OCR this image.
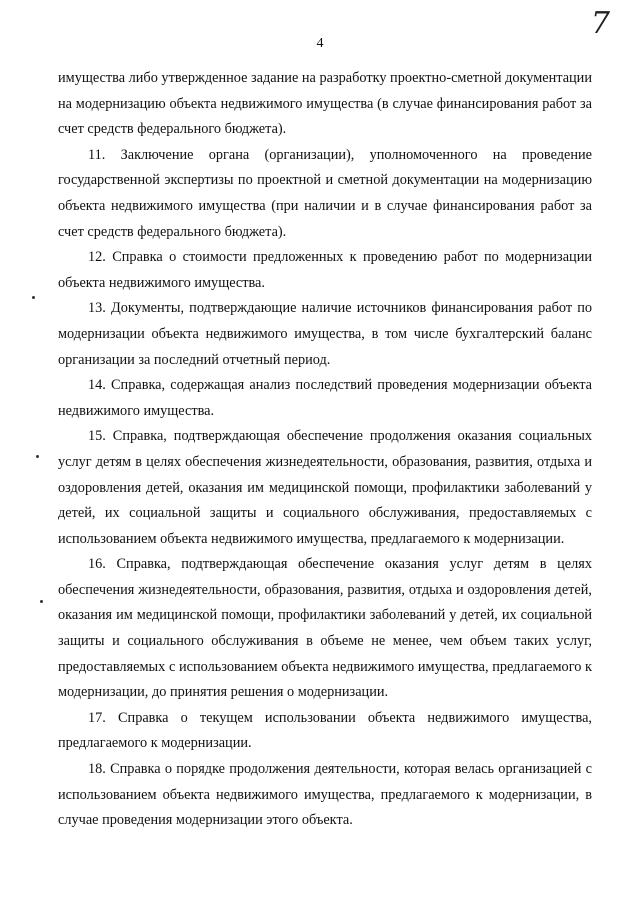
7
4

имущества либо утвержденное задание на разработку проектно-сметной документации на модернизацию объекта недвижимого имущества (в случае финансирования работ за счет средств федерального бюджета).

11. Заключение органа (организации), уполномоченного на проведение государственной экспертизы по проектной и сметной документации на модернизацию объекта недвижимого имущества (при наличии и в случае финансирования работ за счет средств федерального бюджета).

12. Справка о стоимости предложенных к проведению работ по модернизации объекта недвижимого имущества.

13. Документы, подтверждающие наличие источников финансирования работ по модернизации объекта недвижимого имущества, в том числе бухгалтерский баланс организации за последний отчетный период.

14. Справка, содержащая анализ последствий проведения модернизации объекта недвижимого имущества.

15. Справка, подтверждающая обеспечение продолжения оказания социальных услуг детям в целях обеспечения жизнедеятельности, образования, развития, отдыха и оздоровления детей, оказания им медицинской помощи, профилактики заболеваний у детей, их социальной защиты и социального обслуживания, предоставляемых с использованием объекта недвижимого имущества, предлагаемого к модернизации.

16. Справка, подтверждающая обеспечение оказания услуг детям в целях обеспечения жизнедеятельности, образования, развития, отдыха и оздоровления детей, оказания им медицинской помощи, профилактики заболеваний у детей, их социальной защиты и социального обслуживания в объеме не менее, чем объем таких услуг, предоставляемых с использованием объекта недвижимого имущества, предлагаемого к модернизации, до принятия решения о модернизации.

17. Справка о текущем использовании объекта недвижимого имущества, предлагаемого к модернизации.

18. Справка о порядке продолжения деятельности, которая велась организацией с использованием объекта недвижимого имущества, предлагаемого к модернизации, в случае проведения модернизации этого объекта.
